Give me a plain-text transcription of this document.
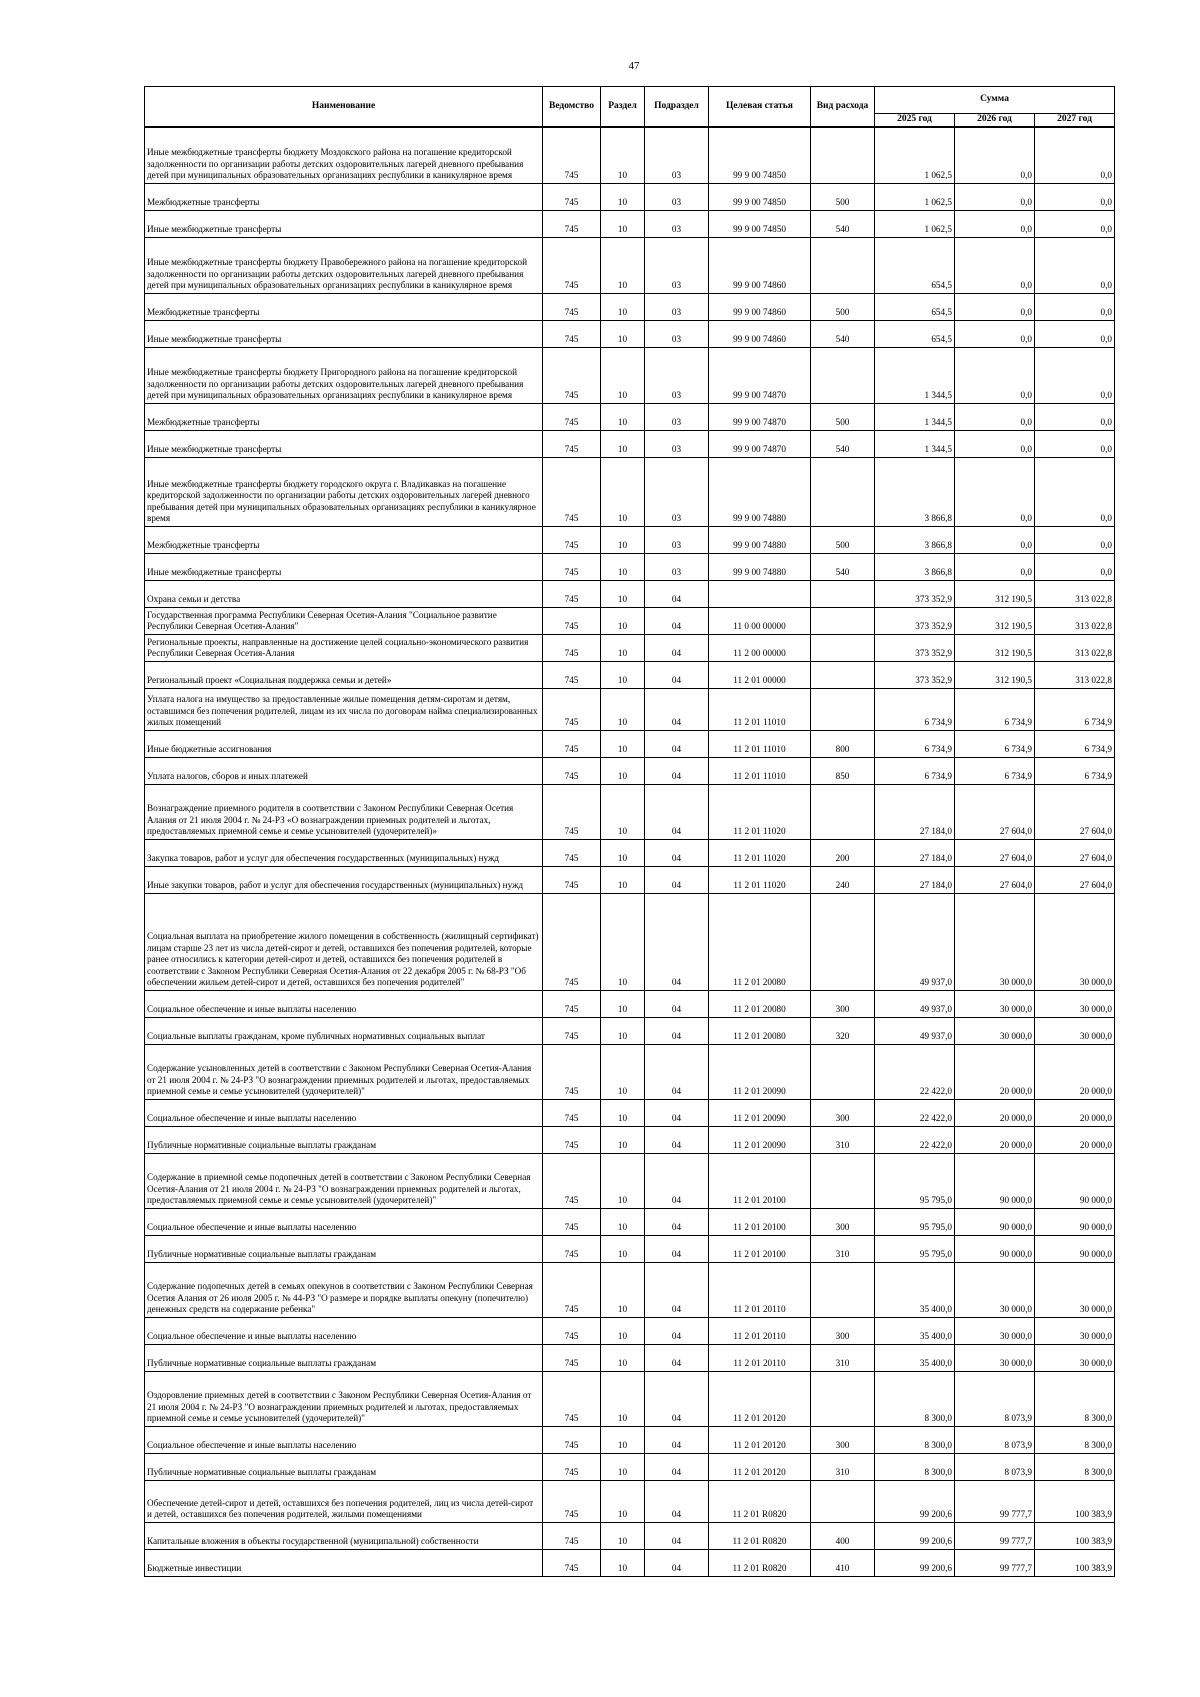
47
Наименование	Ведомство	Раздел	Подраздел	Целевая статья	Вид расхода	Сумма		
						2025 год	2026 год	2027 год
Иные межбюджетные трансферты бюджету Моздокского района на погашение кредиторской задолженности по организации работы детских оздоровительных лагерей дневного пребывания детей при муниципальных образовательных организациях республики в каникулярное время	745	10	03	99 9 00 74850		1 062,5	0,0	0,0
Межбюджетные трансферты	745	10	03	99 9 00 74850	500	1 062,5	0,0	0,0
Иные межбюджетные трансферты	745	10	03	99 9 00 74850	540	1 062,5	0,0	0,0
Иные межбюджетные трансферты бюджету Правобережного района на погашение кредиторской задолженности по организации работы детских оздоровительных лагерей дневного пребывания детей при муниципальных образовательных организациях республики в каникулярное время	745	10	03	99 9 00 74860		654,5	0,0	0,0
Межбюджетные трансферты	745	10	03	99 9 00 74860	500	654,5	0,0	0,0
Иные межбюджетные трансферты	745	10	03	99 9 00 74860	540	654,5	0,0	0,0
Иные межбюджетные трансферты бюджету Пригородного района на погашение кредиторской задолженности по организации работы детских оздоровительных лагерей дневного пребывания детей при муниципальных образовательных организациях республики в каникулярное время	745	10	03	99 9 00 74870		1 344,5	0,0	0,0
Межбюджетные трансферты	745	10	03	99 9 00 74870	500	1 344,5	0,0	0,0
Иные межбюджетные трансферты	745	10	03	99 9 00 74870	540	1 344,5	0,0	0,0
Иные межбюджетные трансферты бюджету городского округа г. Владикавказ на погашение кредиторской задолженности по организации работы детских оздоровительных лагерей дневного пребывания детей при муниципальных образовательных организациях республики в каникулярное время	745	10	03	99 9 00 74880		3 866,8	0,0	0,0
Межбюджетные трансферты	745	10	03	99 9 00 74880	500	3 866,8	0,0	0,0
Иные межбюджетные трансферты	745	10	03	99 9 00 74880	540	3 866,8	0,0	0,0
Охрана семьи и детства	745	10	04			373 352,9	312 190,5	313 022,8
Государственная программа Республики Северная Осетия-Алания "Социальное развитие Республики Северная Осетия-Алания"	745	10	04	11 0 00 00000		373 352,9	312 190,5	313 022,8
Региональные проекты, направленные на достижение целей социально-экономического развития Республики Северная Осетия-Алания	745	10	04	11 2 00 00000		373 352,9	312 190,5	313 022,8
Региональный проект «Социальная поддержка семьи и детей»	745	10	04	11 2 01 00000		373 352,9	312 190,5	313 022,8
Уплата налога на имущество за предоставленные жилые помещения детям-сиротам и детям, оставшимся без попечения родителей, лицам из их числа по договорам найма специализированных жилых помещений	745	10	04	11 2 01 11010		6 734,9	6 734,9	6 734,9
Иные бюджетные ассигнования	745	10	04	11 2 01 11010	800	6 734,9	6 734,9	6 734,9
Уплата налогов, сборов и иных платежей	745	10	04	11 2 01 11010	850	6 734,9	6 734,9	6 734,9
Вознаграждение приемного родителя в соответствии с Законом Республики Северная Осетия Алания от 21 июля 2004 г. № 24-РЗ «О вознаграждении приемных родителей и льготах, предоставляемых приемной семье и семье усыновителей (удочерителей)»	745	10	04	11 2 01 11020		27 184,0	27 604,0	27 604,0
Закупка товаров, работ и услуг для обеспечения государственных (муниципальных) нужд	745	10	04	11 2 01 11020	200	27 184,0	27 604,0	27 604,0
Иные закупки товаров, работ и услуг для обеспечения государственных (муниципальных) нужд	745	10	04	11 2 01 11020	240	27 184,0	27 604,0	27 604,0
Социальная выплата на приобретение жилого помещения в собственность (жилищный сертификат) лицам старше 23 лет из числа детей-сирот и детей, оставшихся без попечения родителей, которые ранее относились к категории детей-сирот и детей, оставшихся без попечения родителей в соответствии с Законом Республики Северная Осетия-Алания от 22 декабря 2005 г. № 68-РЗ "Об обеспечении жильем детей-сирот и детей, оставшихся без попечения родителей"	745	10	04	11 2 01 20080		49 937,0	30 000,0	30 000,0
Социальное обеспечение и иные выплаты населению	745	10	04	11 2 01 20080	300	49 937,0	30 000,0	30 000,0
Социальные выплаты гражданам, кроме публичных нормативных социальных выплат	745	10	04	11 2 01 20080	320	49 937,0	30 000,0	30 000,0
Содержание усыновленных детей в соответствии с Законом Республики Северная Осетия-Алания от 21 июля 2004 г. № 24-РЗ "О вознаграждении приемных родителей и льготах, предоставляемых приемной семье и семье усыновителей (удочерителей)"	745	10	04	11 2 01 20090		22 422,0	20 000,0	20 000,0
Социальное обеспечение и иные выплаты населению	745	10	04	11 2 01 20090	300	22 422,0	20 000,0	20 000,0
Публичные нормативные социальные выплаты гражданам	745	10	04	11 2 01 20090	310	22 422,0	20 000,0	20 000,0
Содержание в приемной семье подопечных детей в соответствии с Законом Республики Северная Осетия-Алания от 21 июля 2004 г. № 24-РЗ "О вознаграждении приемных родителей и льготах, предоставляемых приемной семье и семье усыновителей (удочерителей)"	745	10	04	11 2 01 20100		95 795,0	90 000,0	90 000,0
Социальное обеспечение и иные выплаты населению	745	10	04	11 2 01 20100	300	95 795,0	90 000,0	90 000,0
Публичные нормативные социальные выплаты гражданам	745	10	04	11 2 01 20100	310	95 795,0	90 000,0	90 000,0
Содержание подопечных детей в семьях опекунов в соответствии с Законом Республики Северная Осетия Алания от 26 июля 2005 г. № 44-РЗ "О размере и порядке выплаты опекуну (попечителю) денежных средств на содержание ребенка"	745	10	04	11 2 01 20110		35 400,0	30 000,0	30 000,0
Социальное обеспечение и иные выплаты населению	745	10	04	11 2 01 20110	300	35 400,0	30 000,0	30 000,0
Публичные нормативные социальные выплаты гражданам	745	10	04	11 2 01 20110	310	35 400,0	30 000,0	30 000,0
Оздоровление приемных детей в соответствии с Законом Республики Северная Осетия-Алания от 21 июля 2004 г. № 24-РЗ "О вознаграждении приемных родителей и льготах, предоставляемых приемной семье и семье усыновителей (удочерителей)"	745	10	04	11 2 01 20120		8 300,0	8 073,9	8 300,0
Социальное обеспечение и иные выплаты населению	745	10	04	11 2 01 20120	300	8 300,0	8 073,9	8 300,0
Публичные нормативные социальные выплаты гражданам	745	10	04	11 2 01 20120	310	8 300,0	8 073,9	8 300,0
Обеспечение детей-сирот и детей, оставшихся без попечения родителей, лиц из числа детей-сирот и детей, оставшихся без попечения родителей, жилыми помещениями	745	10	04	11 2 01 R0820		99 200,6	99 777,7	100 383,9
Капитальные вложения в объекты государственной (муниципальной) собственности	745	10	04	11 2 01 R0820	400	99 200,6	99 777,7	100 383,9
Бюджетные инвестиции	745	10	04	11 2 01 R0820	410	99 200,6	99 777,7	100 383,9
